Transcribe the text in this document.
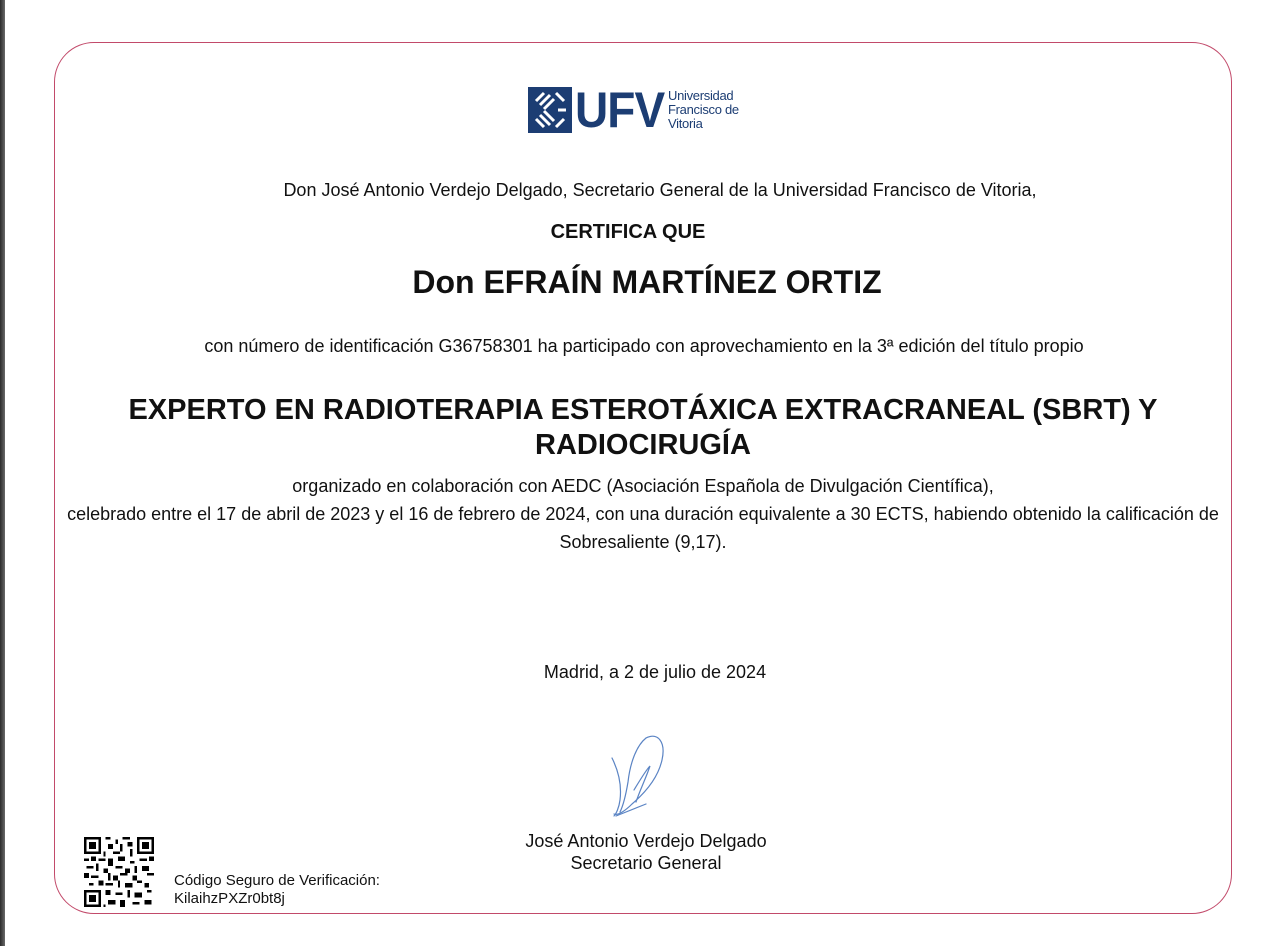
UFV Universidad
Francisco de
Vitoria
Don José Antonio Verdejo Delgado, Secretario General de la Universidad Francisco de Vitoria,
CERTIFICA QUE
Don EFRAÍN MARTÍNEZ ORTIZ
con número de identificación G36758301 ha participado con aprovechamiento en la 3ª edición del título propio
EXPERTO EN RADIOTERAPIA ESTEROTÁXICA EXTRACRANEAL (SBRT) Y RADIOCIRUGÍA
organizado en colaboración con AEDC (Asociación Española de Divulgación Científica),
celebrado entre el 17 de abril de 2023 y el 16 de febrero de 2024, con una duración equivalente a 30 ECTS, habiendo obtenido la calificación de Sobresaliente (9,17).
Madrid, a 2 de julio de 2024
José Antonio Verdejo Delgado
Secretario General
Código Seguro de Verificación:
KilaihzPXZr0bt8j
